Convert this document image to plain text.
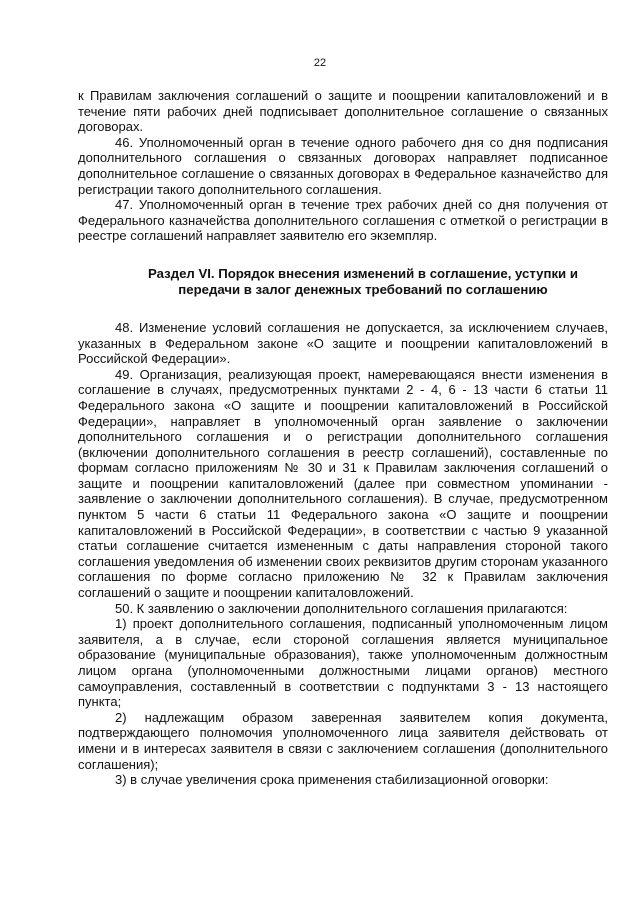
22

к Правилам заключения соглашений о защите и поощрении капиталовложений и в течение пяти рабочих дней подписывает дополнительное соглашение о связанных договорах.

46. Уполномоченный орган в течение одного рабочего дня со дня подписания дополнительного соглашения о связанных договорах направляет подписанное дополнительное соглашение о связанных договорах в Федеральное казначейство для регистрации такого дополнительного соглашения.

47. Уполномоченный орган в течение трех рабочих дней со дня получения от Федерального казначейства дополнительного соглашения с отметкой о регистрации в реестре соглашений направляет заявителю его экземпляр.

Раздел VI. Порядок внесения изменений в соглашение, уступки и
передачи в залог денежных требований по соглашению

48. Изменение условий соглашения не допускается, за исключением случаев, указанных в Федеральном законе «О защите и поощрении капиталовложений в Российской Федерации».

49. Организация, реализующая проект, намеревающаяся внести изменения в соглашение в случаях, предусмотренных пунктами 2 - 4, 6 - 13 части 6 статьи 11 Федерального закона «О защите и поощрении капиталовложений в Российской Федерации», направляет в уполномоченный орган заявление о заключении дополнительного соглашения и о регистрации дополнительного соглашения (включении дополнительного соглашения в реестр соглашений), составленные по формам согласно приложениям № 30 и 31 к Правилам заключения соглашений о защите и поощрении капиталовложений (далее при совместном упоминании - заявление о заключении дополнительного соглашения). В случае, предусмотренном пунктом 5 части 6 статьи 11 Федерального закона «О защите и поощрении капиталовложений в Российской Федерации», в соответствии с частью 9 указанной статьи соглашение считается измененным с даты направления стороной такого соглашения уведомления об изменении своих реквизитов другим сторонам указанного соглашения по форме согласно приложению № 32 к Правилам заключения соглашений о защите и поощрении капиталовложений.

50. К заявлению о заключении дополнительного соглашения прилагаются:

1) проект дополнительного соглашения, подписанный уполномоченным лицом заявителя, а в случае, если стороной соглашения является муниципальное образование (муниципальные образования), также уполномоченным должностным лицом органа (уполномоченными должностными лицами органов) местного самоуправления, составленный в соответствии с подпунктами 3 - 13 настоящего пункта;

2) надлежащим образом заверенная заявителем копия документа, подтверждающего полномочия уполномоченного лица заявителя действовать от имени и в интересах заявителя в связи с заключением соглашения (дополнительного соглашения);

3) в случае увеличения срока применения стабилизационной оговорки:
